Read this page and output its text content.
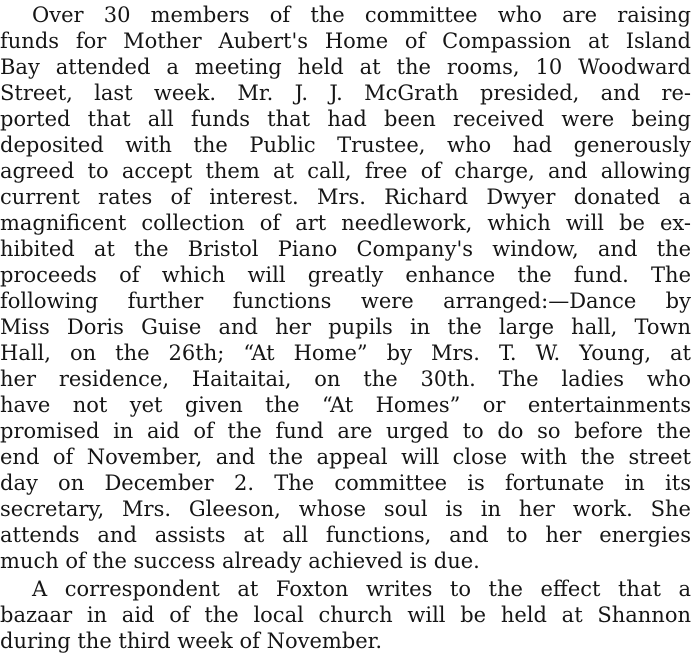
Over 30 members of the committee who are raising
funds for Mother Aubert's Home of Compassion at Island
Bay attended a meeting held at the rooms, 10 Woodward
Street, last week. Mr. J. J. McGrath presided, and re-
ported that all funds that had been received were being
deposited with the Public Trustee, who had generously
agreed to accept them at call, free of charge, and allowing
current rates of interest. Mrs. Richard Dwyer donated a
magnificent collection of art needlework, which will be ex-
hibited at the Bristol Piano Company's window, and the
proceeds of which will greatly enhance the fund. The
following further functions were arranged:—Dance by
Miss Doris Guise and her pupils in the large hall, Town
Hall, on the 26th; “At Home” by Mrs. T. W. Young, at
her residence, Haitaitai, on the 30th. The ladies who
have not yet given the “At Homes” or entertainments
promised in aid of the fund are urged to do so before the
end of November, and the appeal will close with the street
day on December 2. The committee is fortunate in its
secretary, Mrs. Gleeson, whose soul is in her work. She
attends and assists at all functions, and to her energies
much of the success already achieved is due.
A correspondent at Foxton writes to the effect that a
bazaar in aid of the local church will be held at Shannon
during the third week of November.
